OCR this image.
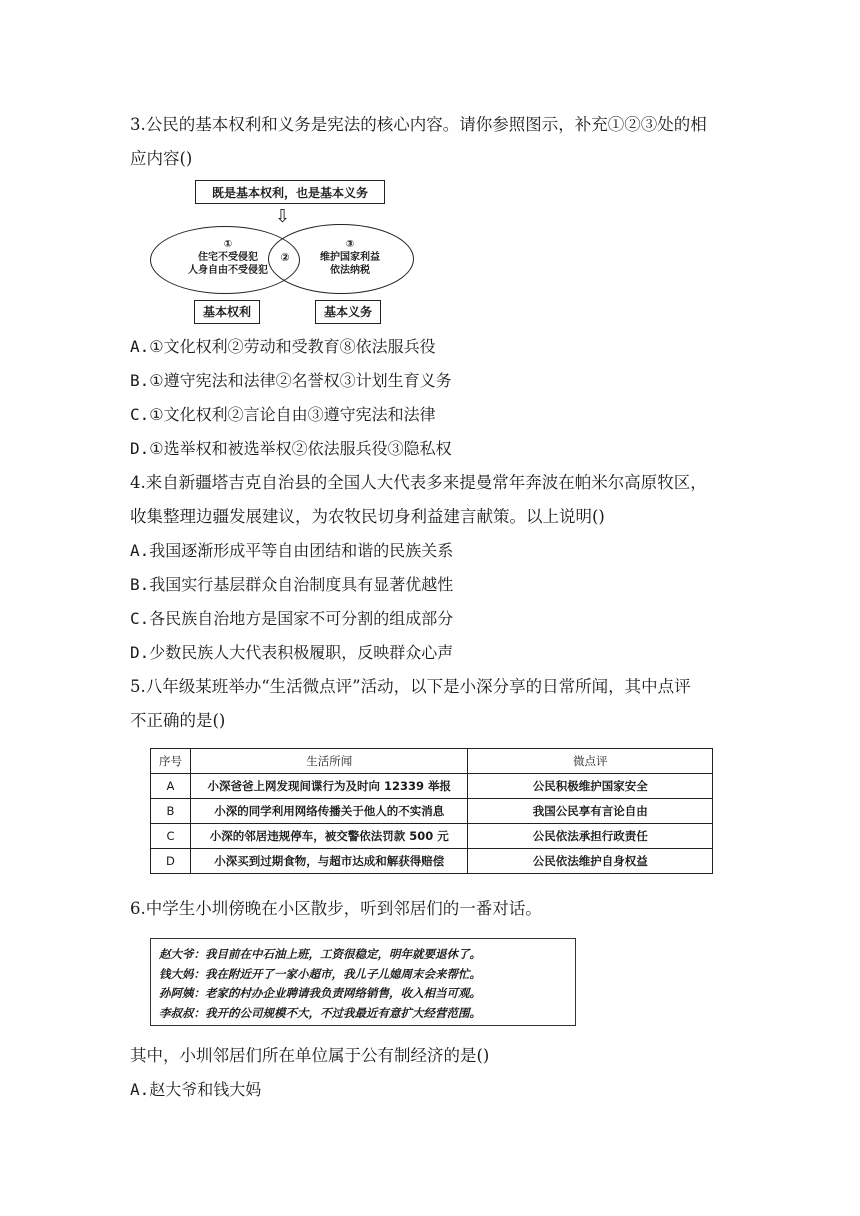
3.公民的基本权利和义务是宪法的核心内容。请你参照图示，补充①②③处的相
应内容()
既是基本权利，也是基本义务
⇩
①
住宅不受侵犯
人身自由不受侵犯
②
③
维护国家利益
依法纳税
基本权利	基本义务
A.①文化权利②劳动和受教育⑧依法服兵役
B.①遵守宪法和法律②名誉权③计划生育义务
C.①文化权利②言论自由③遵守宪法和法律
D.①选举权和被选举权②依法服兵役③隐私权
4.来自新疆塔吉克自治县的全国人大代表多来提曼常年奔波在帕米尔高原牧区，
收集整理边疆发展建议，为农牧民切身利益建言献策。以上说明()
A.我国逐渐形成平等自由团结和谐的民族关系
B.我国实行基层群众自治制度具有显著优越性
C.各民族自治地方是国家不可分割的组成部分
D.少数民族人大代表积极履职，反映群众心声
5.八年级某班举办“生活微点评”活动，以下是小深分享的日常所闻，其中点评
不正确的是()
序号	生活所闻	微点评
A	小深爸爸上网发现间谍行为及时向 12339 举报	公民积极维护国家安全
B	小深的同学利用网络传播关于他人的不实消息	我国公民享有言论自由
C	小深的邻居违规停车，被交警依法罚款 500 元	公民依法承担行政责任
D	小深买到过期食物，与超市达成和解获得赔偿	公民依法维护自身权益
6.中学生小圳傍晚在小区散步，听到邻居们的一番对话。
赵大爷：我目前在中石油上班，工资很稳定，明年就要退休了。
钱大妈：我在附近开了一家小超市，我儿子儿媳周末会来帮忙。
孙阿姨：老家的村办企业聘请我负责网络销售，收入相当可观。
李叔叔：我开的公司规模不大，不过我最近有意扩大经营范围。
其中，小圳邻居们所在单位属于公有制经济的是()
A.赵大爷和钱大妈
